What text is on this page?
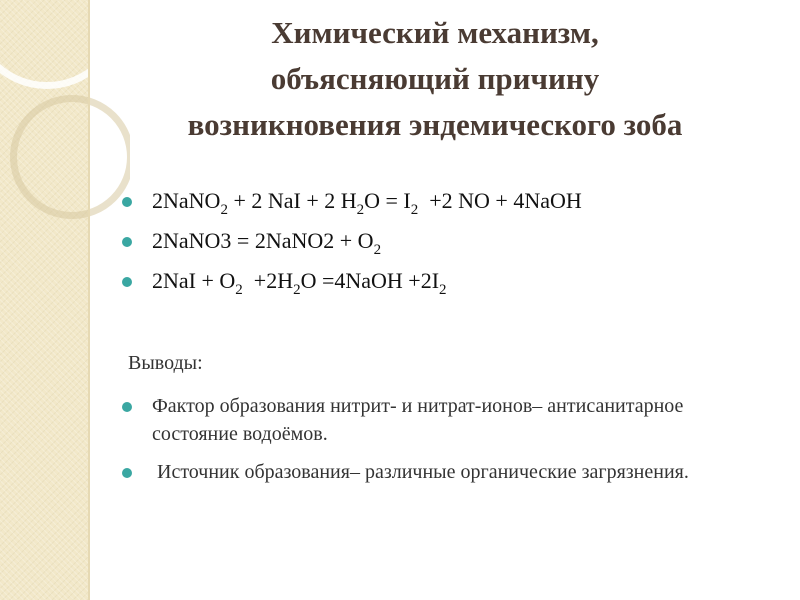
Химический механизм,
объясняющий причину
возникновения эндемического зоба
2NaNO$_2$ + 2 NaI + 2 $H_2O = I_2 +2$ NO + 4NaOH
2NaNO3 = 2NaNO2 + $O_2$
$2NaI + O_2 +2H_2O$ =4NaOH $+2I_2$
Выводы:
Фактор образования нитрит- и нитрат-ионов– антисанитарное состояние водоёмов.
Источник образования– различные органические загрязнения.
